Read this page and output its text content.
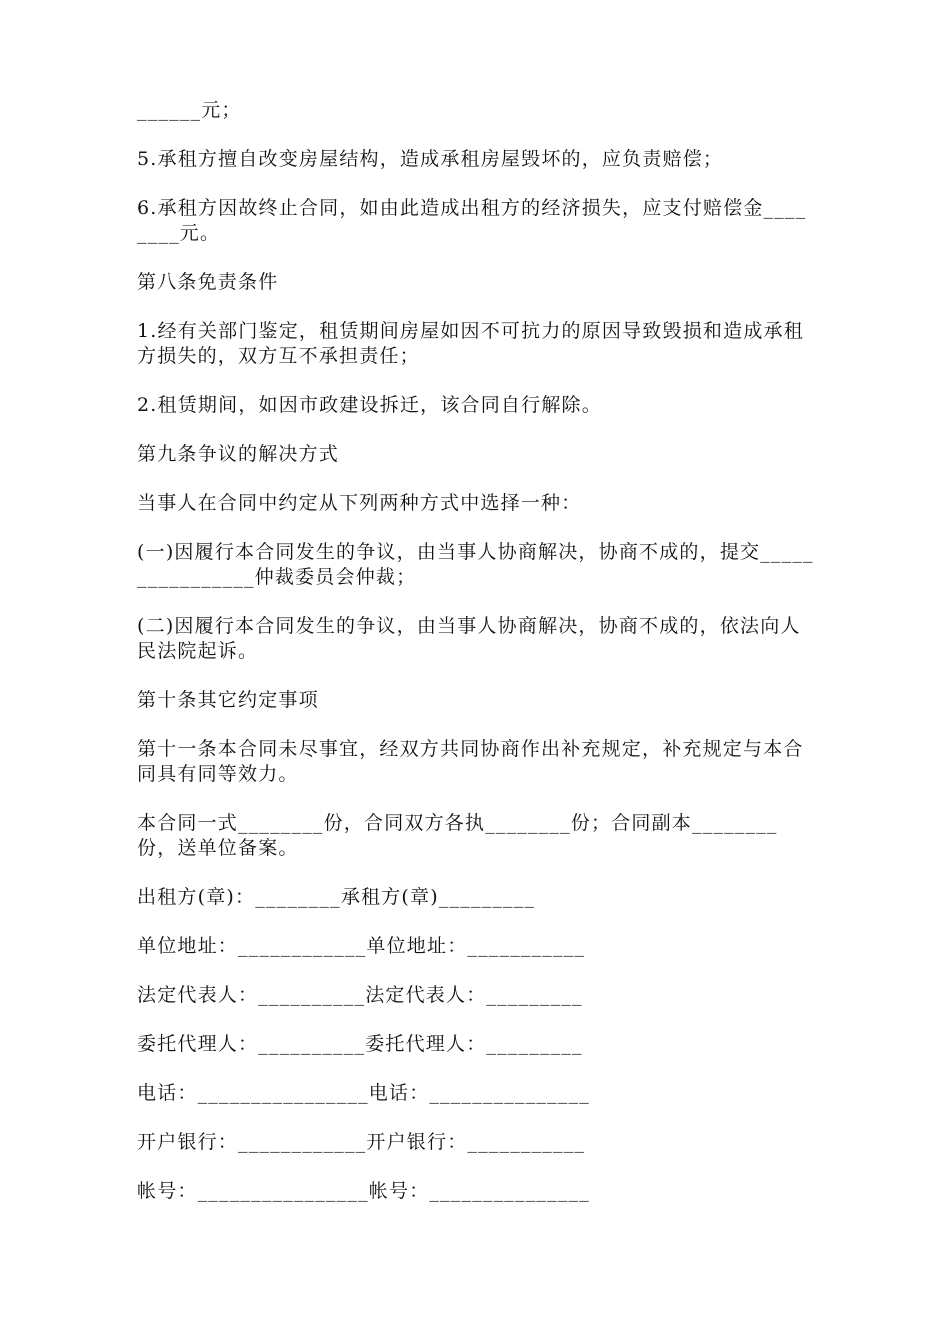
______元；

5.承租方擅自改变房屋结构，造成承租房屋毁坏的，应负责赔偿；

6.承租方因故终止合同，如由此造成出租方的经济损失，应支付赔偿金________元。

第八条免责条件

1.经有关部门鉴定，租赁期间房屋如因不可抗力的原因导致毁损和造成承租方损失的，双方互不承担责任；

2.租赁期间，如因市政建设拆迁，该合同自行解除。

第九条争议的解决方式

当事人在合同中约定从下列两种方式中选择一种：

(一)因履行本合同发生的争议，由当事人协商解决，协商不成的，提交________________仲裁委员会仲裁；

(二)因履行本合同发生的争议，由当事人协商解决，协商不成的，依法向人民法院起诉。

第十条其它约定事项

第十一条本合同未尽事宜，经双方共同协商作出补充规定，补充规定与本合同具有同等效力。

本合同一式________份，合同双方各执________份；合同副本________份，送单位备案。

出租方(章)：________承租方(章)_________

单位地址：____________单位地址：___________

法定代表人：__________法定代表人：_________

委托代理人：__________委托代理人：_________

电话：________________电话：_______________

开户银行：____________开户银行：___________

帐号：________________帐号：_______________
